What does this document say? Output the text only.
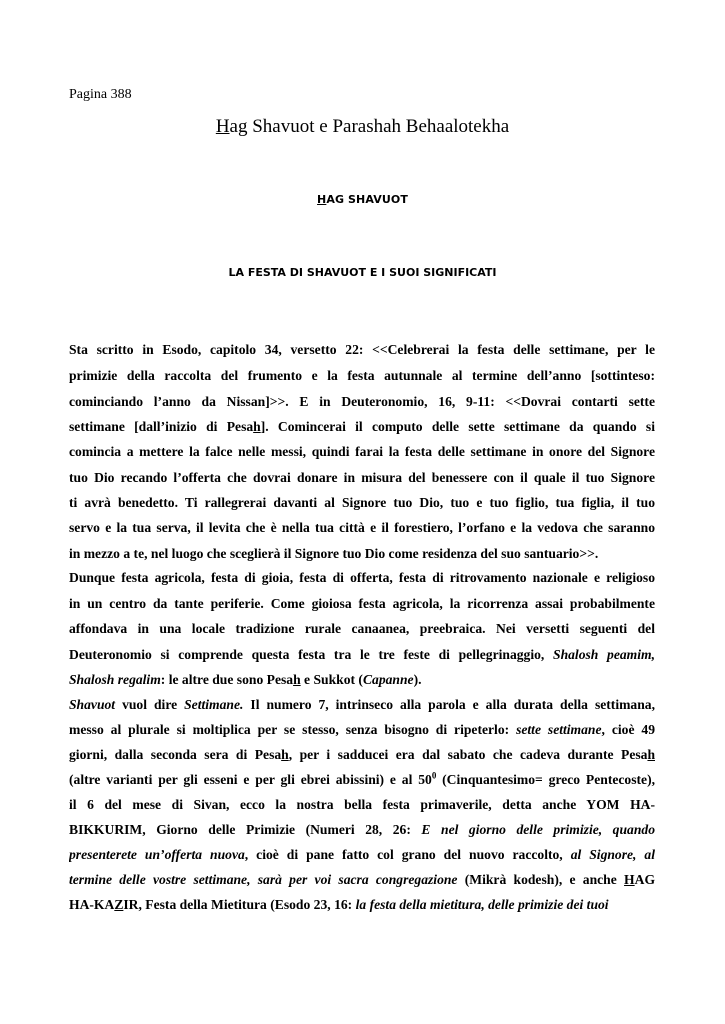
Pagina 388
Hag Shavuot e Parashah Behaalotekha
HAG SHAVUOT
LA FESTA DI SHAVUOT E I SUOI SIGNIFICATI
Sta scritto in Esodo, capitolo 34, versetto 22: <<Celebrerai la festa delle settimane, per le
primizie della raccolta del frumento e la festa autunnale al termine dell’anno [sottinteso:
cominciando l’anno da Nissan]>>. E in Deuteronomio, 16, 9-11: <<Dovrai contarti sette
settimane [dall’inizio di Pesah]. Comincerai il computo delle sette settimane da quando si
comincia a mettere la falce nelle messi, quindi farai la festa delle settimane in onore del Signore
tuo Dio recando l’offerta che dovrai donare in misura del benessere con il quale il tuo Signore
ti avrà benedetto. Ti rallegrerai davanti al Signore tuo Dio, tuo e tuo figlio, tua figlia, il tuo
servo e la tua serva, il levita che è nella tua città e il forestiero, l’orfano e la vedova che saranno
in mezzo a te, nel luogo che sceglierà il Signore tuo Dio come residenza del suo santuario>>.
Dunque festa agricola, festa di gioia, festa di offerta, festa di ritrovamento nazionale e religioso
in un centro da tante periferie. Come gioiosa festa agricola, la ricorrenza assai probabilmente
affondava in una locale tradizione rurale canaanea, preebraica. Nei versetti seguenti del
Deuteronomio si comprende questa festa tra le tre feste di pellegrinaggio, Shalosh peamim,
Shalosh regalim: le altre due sono Pesah e Sukkot (Capanne).
Shavuot vuol dire Settimane. Il numero 7, intrinseco alla parola e alla durata della settimana,
messo al plurale si moltiplica per se stesso, senza bisogno di ripeterlo: sette settimane, cioè 49
giorni, dalla seconda sera di Pesah, per i sadducei era dal sabato che cadeva durante Pesah
(altre varianti per gli esseni e per gli ebrei abissini) e al $50^0$ (Cinquantesimo= greco Pentecoste),
il 6 del mese di Sivan, ecco la nostra bella festa primaverile, detta anche YOM HA-
BIKKURIM, Giorno delle Primizie (Numeri 28, 26: E nel giorno delle primizie, quando
presenterete un’offerta nuova, cioè di pane fatto col grano del nuovo raccolto, al Signore, al
termine delle vostre settimane, sarà per voi sacra congregazione (Mikrà kodesh), e anche HAG
HA-KAZIR, Festa della Mietitura (Esodo 23, 16: la festa della mietitura, delle primizie dei tuoi
